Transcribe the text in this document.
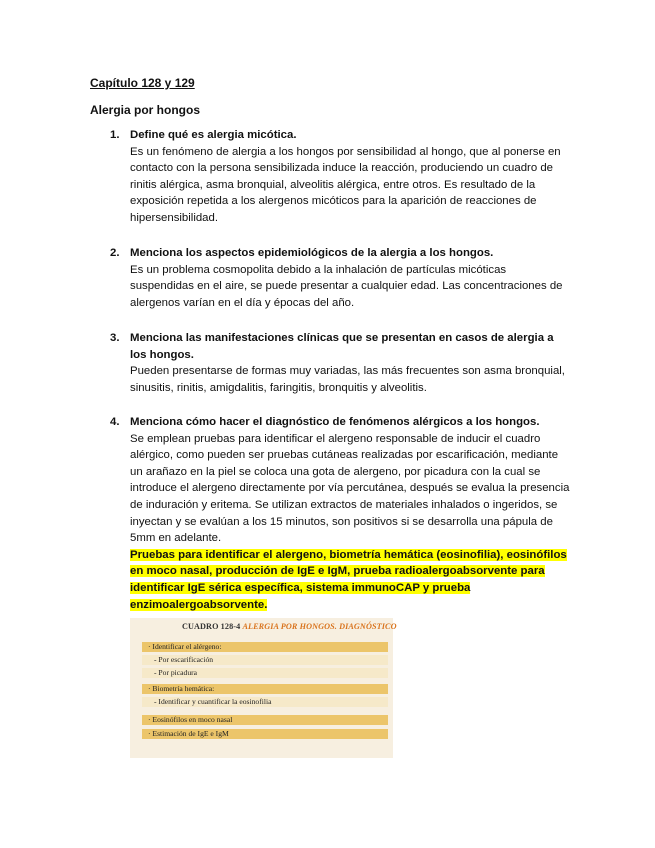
Capítulo 128 y 129
Alergia por hongos
1. Define qué es alergia micótica.
Es un fenómeno de alergia a los hongos por sensibilidad al hongo, que al ponerse en contacto con la persona sensibilizada induce la reacción, produciendo un cuadro de rinitis alérgica, asma bronquial, alveolitis alérgica, entre otros. Es resultado de la exposición repetida a los alergenos micóticos para la aparición de reacciones de hipersensibilidad.
2. Menciona los aspectos epidemiológicos de la alergia a los hongos.
Es un problema cosmopolita debido a la inhalación de partículas micóticas suspendidas en el aire, se puede presentar a cualquier edad. Las concentraciones de alergenos varían en el día y épocas del año.
3. Menciona las manifestaciones clínicas que se presentan en casos de alergia a los hongos.
Pueden presentarse de formas muy variadas, las más frecuentes son asma bronquial, sinusitis, rinitis, amigdalitis, faringitis, bronquitis y alveolitis.
4. Menciona cómo hacer el diagnóstico de fenómenos alérgicos a los hongos.
Se emplean pruebas para identificar el alergeno responsable de inducir el cuadro alérgico, como pueden ser pruebas cutáneas realizadas por escarificación, mediante un arañazo en la piel se coloca una gota de alergeno, por picadura con la cual se introduce el alergeno directamente por vía percutánea, después se evalua la presencia de induración y eritema. Se utilizan extractos de materiales inhalados o ingeridos, se inyectan y se evalúan a los 15 minutos, son positivos si se desarrolla una pápula de 5mm en adelante.
Pruebas para identificar el alergeno, biometría hemática (eosinofilia), eosinófilos en moco nasal, producción de IgE e IgM, prueba radioalergoabsorvente para identificar IgE sérica específica, sistema immunoCAP y prueba enzimoalergoabsorvente.
CUADRO 128-4 ALERGIA POR HONGOS. DIAGNÓSTICO
· Identificar el alérgeno:
- Por escarificación
- Por picadura
· Biometría hemática:
- Identificar y cuantificar la eosinofilia
· Eosinófilos en moco nasal
· Estimación de IgE e IgM
